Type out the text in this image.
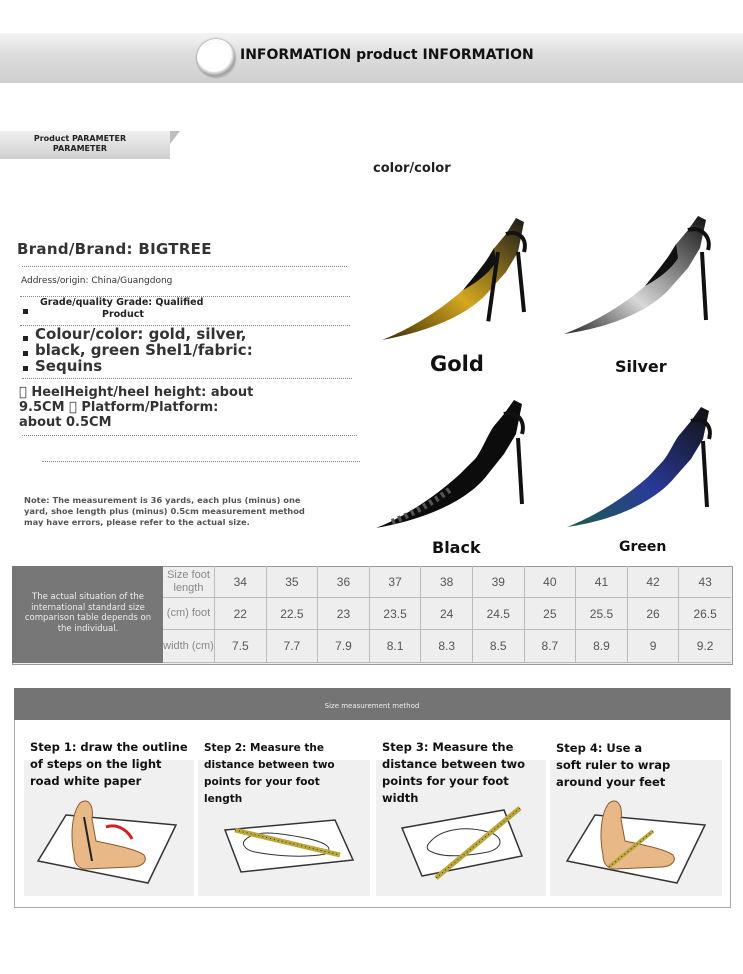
INFORMATION product INFORMATION
Product PARAMETER
PARAMETER
color/color
Brand/Brand: BIGTREE
Address/origin: China/Guangdong
Grade/quality Grade: Qualified
Product
Colour/color: gold, silver,
black, green Shel1/fabric:
Sequins
  HeelHeight/heel height: about
9.5CM   Platform/Platform:
about 0.5CM
Note: The measurement is 36 yards, each plus (minus) one yard, shoe length plus (minus) 0.5cm measurement method may have errors, please refer to the actual size.
Gold	Silver
Black	Green
The actual situation of the international standard size comparison table depends on the individual.
Size foot length
(cm) foot
width (cm)
34
22
7.5
35
22.5
7.7
36
23
7.9
37
23.5
8.1
38
24
8.3
39
24.5
8.5
40
25
8.7
41
25.5
8.9
42
26
9
43
26.5
9.2
Size measurement method
Step 1: draw the outline of steps on the light road white paper
Step 2: Measure the distance between two points for your foot length
Step 3: Measure the distance between two points for your foot width
Step 4: Use a soft ruler to wrap around your feet
